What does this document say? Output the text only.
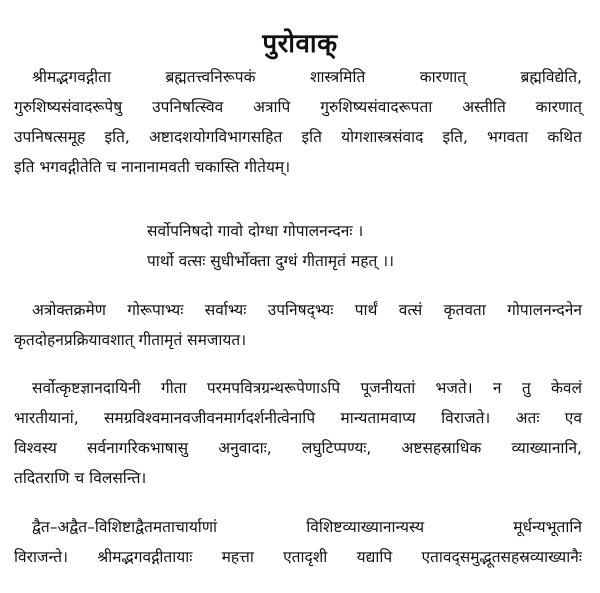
पुरोवाक्
श्रीमद्भगवद्गीता ब्रह्मतत्त्वनिरूपकं शास्त्रमिति कारणात् ब्रह्मविद्येति,
गुरुशिष्यसंवादरूपेषु उपनिषत्स्विव अत्रापि गुरुशिष्यसंवादरूपता अस्तीति कारणात्
उपनिषत्समूह इति, अष्टादशयोगविभागसहित इति योगशास्त्रसंवाद इति, भगवता कथित
इति भगवद्गीतेति च नानानामवती चकास्ति गीतेयम्।
सर्वोपनिषदो गावो दोग्धा गोपालनन्दनः ।
पार्थो वत्सः सुधीर्भोक्ता दुग्धं गीतामृतं महत् ।।
अत्रोक्तक्रमेण गोरूपाभ्यः सर्वाभ्यः उपनिषद्भ्यः पार्थं वत्सं कृतवता गोपालनन्दनेन
कृतदोहनप्रक्रियावशात् गीतामृतं समजायत।
सर्वोत्कृष्टज्ञानदायिनी गीता परमपवित्रग्रन्थरूपेणाऽपि पूजनीयतां भजते। न तु केवलं
भारतीयानां, समग्रविश्वमानवजीवनमार्गदर्शनीत्वेनापि मान्यतामवाप्य विराजते। अतः एव
विश्वस्य सर्वनागरिकभाषासु अनुवादाः, लघुटिप्पण्यः, अष्टसहस्राधिक व्याख्यानानि,
तदितराणि च विलसन्ति।
द्वैत–अद्वैत–विशिष्टाद्वैतमताचार्याणां विशिष्टव्याख्यानान्यस्य मूर्धन्यभूतानि
विराजन्ते। श्रीमद्भगवद्गीतायाः महत्ता एतादृशी यद्यापि एतावद्समुद्भूतसहस्रव्याख्यानैः
